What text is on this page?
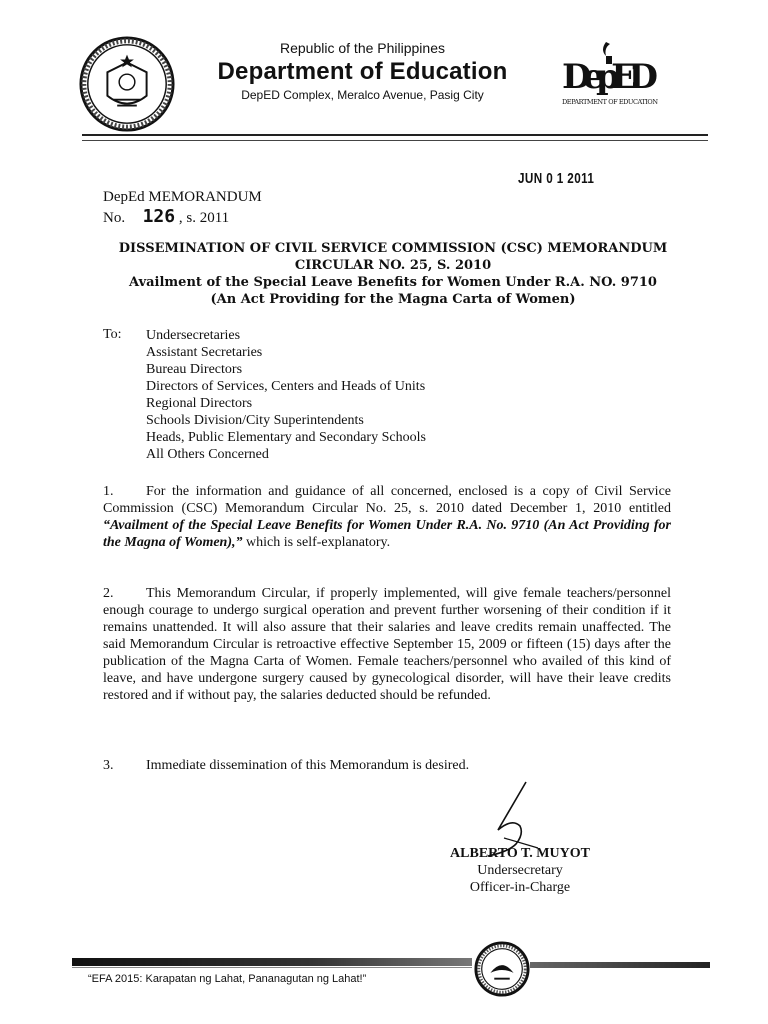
Republic of the Philippines
Department of Education
DepED Complex, Meralco Avenue, Pasig City	DepED
DEPARTMENT OF EDUCATION
JUN 0 1 2011
DepEd MEMORANDUM
No. 126 , s. 2011
DISSEMINATION OF CIVIL SERVICE COMMISSION (CSC) MEMORANDUM
CIRCULAR NO. 25, S. 2010
Availment of the Special Leave Benefits for Women Under R.A. NO. 9710
(An Act Providing for the Magna Carta of Women)
To: Undersecretaries
Assistant Secretaries
Bureau Directors
Directors of Services, Centers and Heads of Units
Regional Directors
Schools Division/City Superintendents
Heads, Public Elementary and Secondary Schools
All Others Concerned
1. For the information and guidance of all concerned, enclosed is a copy of Civil Service Commission (CSC) Memorandum Circular No. 25, s. 2010 dated December 1, 2010 entitled “Availment of the Special Leave Benefits for Women Under R.A. No. 9710 (An Act Providing for the Magna of Women),” which is self-explanatory.
2. This Memorandum Circular, if properly implemented, will give female teachers/personnel enough courage to undergo surgical operation and prevent further worsening of their condition if it remains unattended. It will also assure that their salaries and leave credits remain unaffected. The said Memorandum Circular is retroactive effective September 15, 2009 or fifteen (15) days after the publication of the Magna Carta of Women. Female teachers/personnel who availed of this kind of leave, and have undergone surgery caused by gynecological disorder, will have their leave credits restored and if without pay, the salaries deducted should be refunded.
3. Immediate dissemination of this Memorandum is desired.
ALBERTO T. MUYOT
Undersecretary
Officer-in-Charge
“EFA 2015: Karapatan ng Lahat, Pananagutan ng Lahat!”
